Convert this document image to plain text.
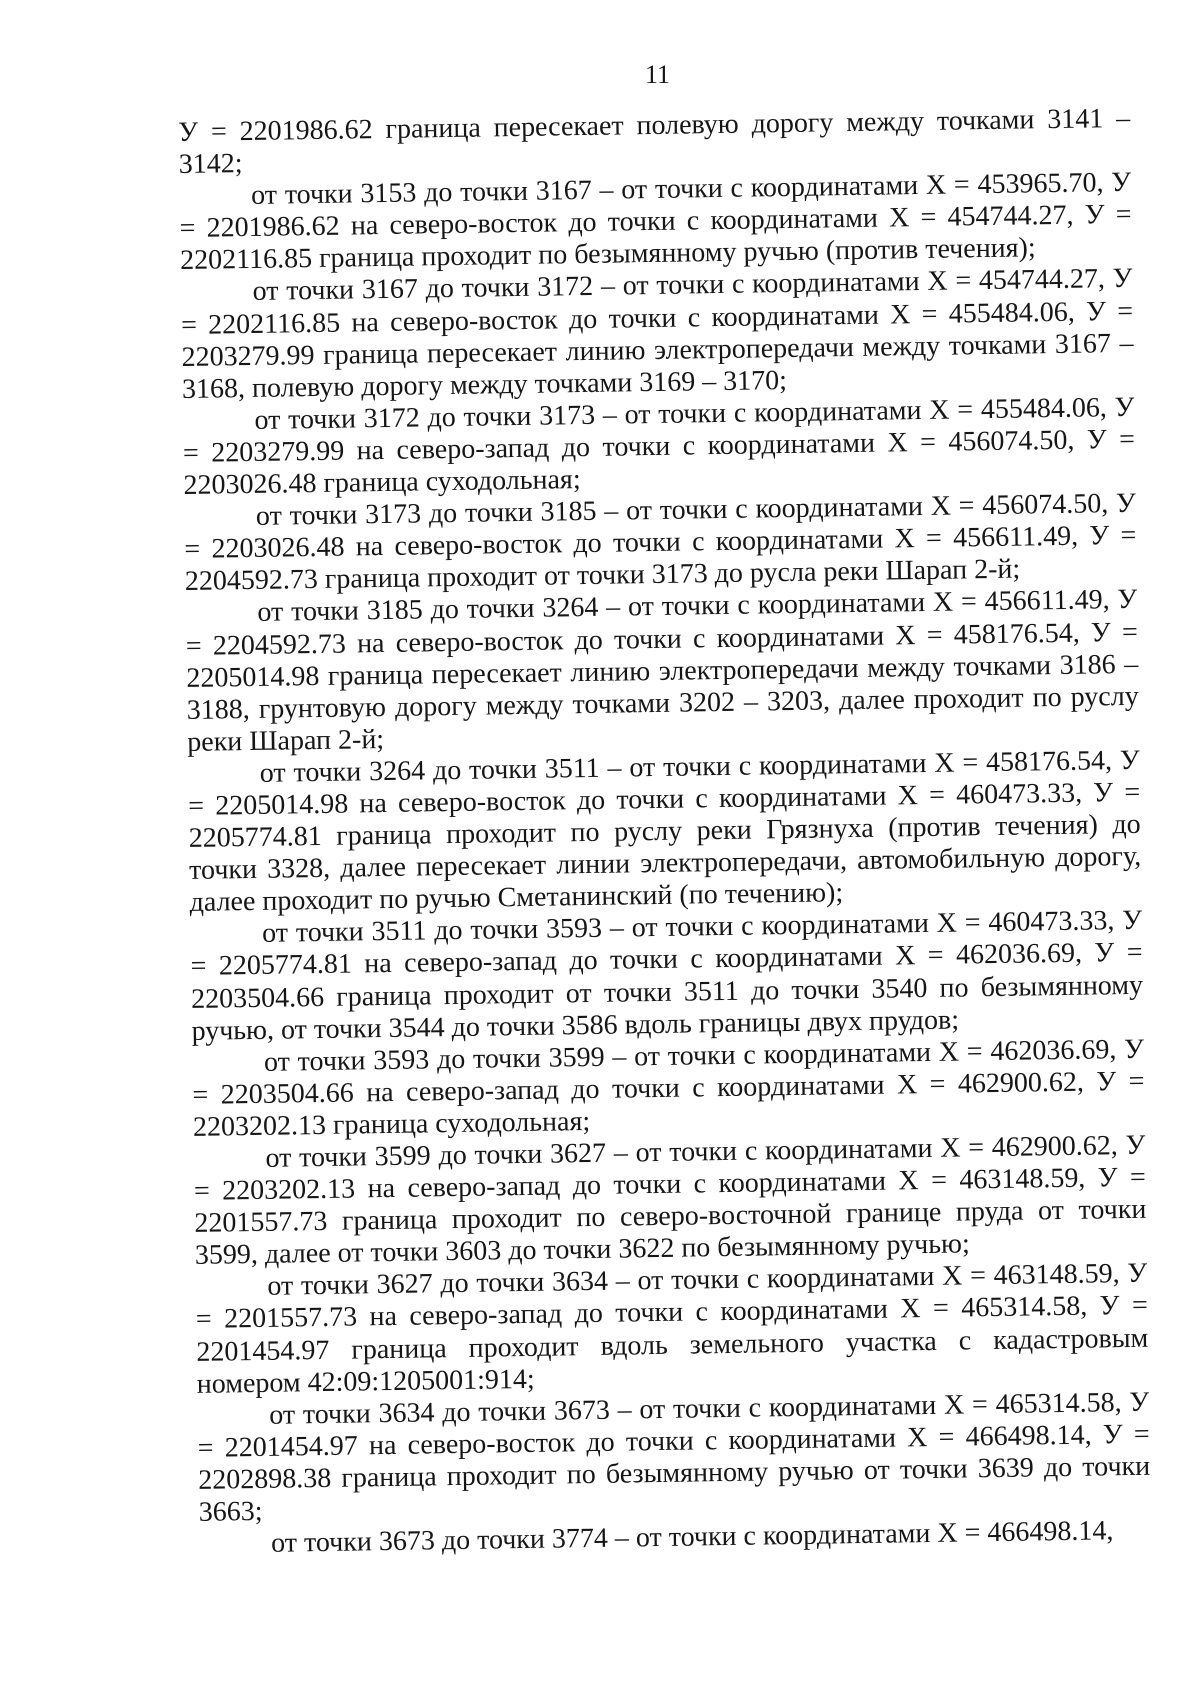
11

У = 2201986.62 граница пересекает полевую дорогу между точками 3141 – 3142;

от точки 3153 до точки 3167 – от точки с координатами Х = 453965.70, У = 2201986.62 на северо-восток до точки с координатами Х = 454744.27, У = 2202116.85 граница проходит по безымянному ручью (против течения);

от точки 3167 до точки 3172 – от точки с координатами Х = 454744.27, У = 2202116.85 на северо-восток до точки с координатами Х = 455484.06, У = 2203279.99 граница пересекает линию электропередачи между точками 3167 – 3168, полевую дорогу между точками 3169 – 3170;

от точки 3172 до точки 3173 – от точки с координатами Х = 455484.06, У = 2203279.99 на северо-запад до точки с координатами Х = 456074.50, У = 2203026.48 граница суходольная;

от точки 3173 до точки 3185 – от точки с координатами Х = 456074.50, У = 2203026.48 на северо-восток до точки с координатами Х = 456611.49, У = 2204592.73 граница проходит от точки 3173 до русла реки Шарап 2-й;

от точки 3185 до точки 3264 – от точки с координатами Х = 456611.49, У = 2204592.73 на северо-восток до точки с координатами Х = 458176.54, У = 2205014.98 граница пересекает линию электропередачи между точками 3186 – 3188, грунтовую дорогу между точками 3202 – 3203, далее проходит по руслу реки Шарап 2-й;

от точки 3264 до точки 3511 – от точки с координатами Х = 458176.54, У = 2205014.98 на северо-восток до точки с координатами Х = 460473.33, У = 2205774.81 граница проходит по руслу реки Грязнуха (против течения) до точки 3328, далее пересекает линии электропередачи, автомобильную дорогу, далее проходит по ручью Сметанинский (по течению);

от точки 3511 до точки 3593 – от точки с координатами Х = 460473.33, У = 2205774.81 на северо-запад до точки с координатами Х = 462036.69, У = 2203504.66 граница проходит от точки 3511 до точки 3540 по безымянному ручью, от точки 3544 до точки 3586 вдоль границы двух прудов;

от точки 3593 до точки 3599 – от точки с координатами Х = 462036.69, У = 2203504.66 на северо-запад до точки с координатами Х = 462900.62, У = 2203202.13 граница суходольная;

от точки 3599 до точки 3627 – от точки с координатами Х = 462900.62, У = 2203202.13 на северо-запад до точки с координатами Х = 463148.59, У = 2201557.73 граница проходит по северо-восточной границе пруда от точки 3599, далее от точки 3603 до точки 3622 по безымянному ручью;

от точки 3627 до точки 3634 – от точки с координатами Х = 463148.59, У = 2201557.73 на северо-запад до точки с координатами Х = 465314.58, У = 2201454.97 граница проходит вдоль земельного участка с кадастровым номером 42:09:1205001:914;

от точки 3634 до точки 3673 – от точки с координатами Х = 465314.58, У = 2201454.97 на северо-восток до точки с координатами Х = 466498.14, У = 2202898.38 граница проходит по безымянному ручью от точки 3639 до точки 3663;

от точки 3673 до точки 3774 – от точки с координатами Х = 466498.14,
